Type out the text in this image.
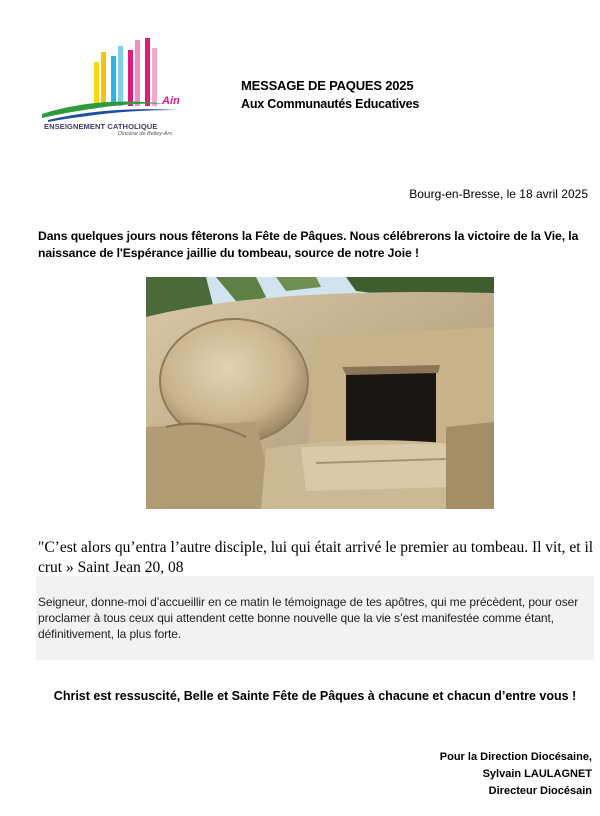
Ain
ENSEIGNEMENT CATHOLIQUE
Diocèse de Belley-Ars
MESSAGE DE PAQUES 2025
Aux Communautés Educatives
Bourg-en-Bresse, le 18 avril 2025
Dans quelques jours nous fêterons la Fête de Pâques. Nous célébrerons la victoire de la Vie, la naissance de l'Espérance jaillie du tombeau, source de notre Joie !
"C’est alors qu’entra l’autre disciple, lui qui était arrivé le premier au tombeau. Il vit, et il crut » Saint Jean 20, 08
Seigneur, donne-moi d’accueillir en ce matin le témoignage de tes apôtres, qui me précèdent, pour oser proclamer à tous ceux qui attendent cette bonne nouvelle que la vie s’est manifestée comme étant, définitivement, la plus forte.
Christ est ressuscité, Belle et Sainte Fête de Pâques à chacune et chacun d’entre vous !
Pour la Direction Diocésaine,
Sylvain LAULAGNET
Directeur Diocésain
